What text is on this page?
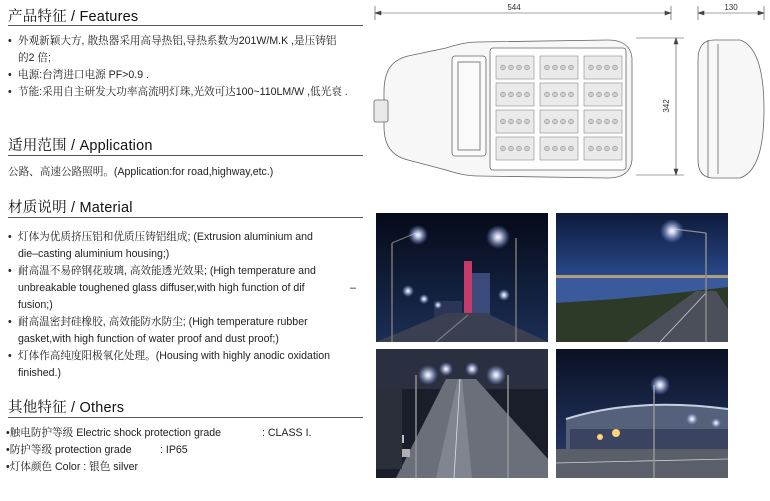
产品特征 / Features
• 外观新颖大方, 散热器采用高导热铝,导热系数为201W/M.K ,是压铸铝
的2 倍;
• 电源:台湾进口电源 PF>0.9 .
• 节能:采用自主研发大功率高流明灯珠,光效可达100~110LM/W ,低光衰 .
适用范围 / Application
公路、高速公路照明。(Application:for road,highway,etc.)
材质说明 / Material
• 灯体为优质挤压铝和优质压铸铝组成; (Extrusion aluminium and
die–casting aluminium housing;)
• 耐高温不易碎钢花玻璃, 高效能透光效果; (High temperature and
unbreakable toughened glass diffuser,with high function of dif	–
fusion;)
• 耐高温密封硅橡胶, 高效能防水防尘; (High temperature rubber
gasket,with high function of water proof and dust proof;)
• 灯体作高纯度阳极氧化处理。(Housing with highly anodic oxidation
finished.)
其他特征 / Others
•触电防护等级 Electric shock protection grade	: CLASS I.
•防护等级 protection grade	: IP65
•灯体颜色 Color : 银色 silver
544
342
130
